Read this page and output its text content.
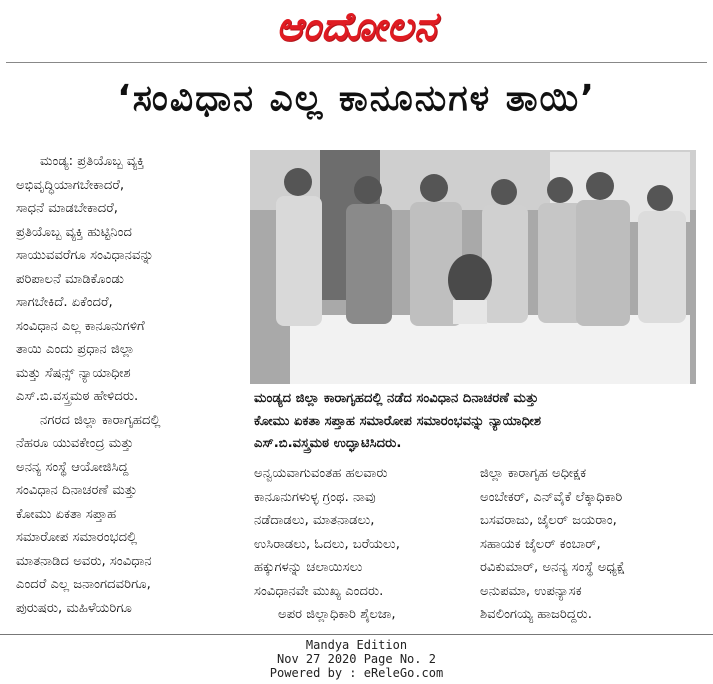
ಆಂದೋಲನ
‘ಸಂವಿಧಾನ ಎಲ್ಲ ಕಾನೂನುಗಳ ತಾಯಿ’

ಮಂಡ್ಯ: ಪ್ರತಿಯೊಬ್ಬ ವ್ಯಕ್ತಿ

ಅಭಿವೃದ್ಧಿಯಾಗಬೇಕಾದರೆ,

ಸಾಧನೆ ಮಾಡಬೇಕಾದರೆ,

ಪ್ರತಿಯೊಬ್ಬ ವ್ಯಕ್ತಿ ಹುಟ್ಟಿನಿಂದ

ಸಾಯುವವರೆಗೂ ಸಂವಿಧಾನವನ್ನು

ಪರಿಪಾಲನೆ ಮಾಡಿಕೊಂಡು

ಸಾಗಬೇಕಿದೆ. ಏಕೆಂದರೆ,

ಸಂವಿಧಾನ ಎಲ್ಲ ಕಾನೂನುಗಳಿಗೆ

ತಾಯಿ ಎಂದು ಪ್ರಧಾನ ಜಿಲ್ಲಾ

ಮತ್ತು ಸೆಷನ್ಸ್ ನ್ಯಾಯಾಧೀಶ

ಎಸ್.ಬಿ.ವಸ್ತ್ರಮಠ ಹೇಳಿದರು.

ನಗರದ ಜಿಲ್ಲಾ ಕಾರಾಗೃಹದಲ್ಲಿ

ನೆಹರೂ ಯುವಕೇಂದ್ರ ಮತ್ತು

ಅನನ್ಯ ಸಂಸ್ಥೆ ಆಯೋಜಿಸಿದ್ದ

ಸಂವಿಧಾನ ದಿನಾಚರಣೆ ಮತ್ತು

ಕೋಮು ಏಕತಾ ಸಪ್ತಾಹ

ಸಮಾರೋಪ ಸಮಾರಂಭದಲ್ಲಿ

ಮಾತನಾಡಿದ ಅವರು, ಸಂವಿಧಾನ

ಎಂದರೆ ಎಲ್ಲ ಜನಾಂಗದವರಿಗೂ,

ಪುರುಷರು, ಮಹಿಳೆಯರಿಗೂ

ಮಂಡ್ಯದ ಜಿಲ್ಲಾ ಕಾರಾಗೃಹದಲ್ಲಿ ನಡೆದ ಸಂವಿಧಾನ ದಿನಾಚರಣೆ ಮತ್ತು
ಕೋಮು ಏಕತಾ ಸಪ್ತಾಹ ಸಮಾರೋಪ ಸಮಾರಂಭವನ್ನು ನ್ಯಾಯಾಧೀಶ
ಎಸ್.ಬಿ.ವಸ್ತ್ರಮಠ ಉದ್ಘಾಟಿಸಿದರು.

ಅನ್ವಯವಾಗುವಂತಹ ಹಲವಾರು

ಕಾನೂನುಗಳುಳ್ಳ ಗ್ರಂಥ. ನಾವು

ನಡೆದಾಡಲು, ಮಾತನಾಡಲು,

ಉಸಿರಾಡಲು, ಓದಲು, ಬರೆಯಲು,

ಹಕ್ಕುಗಳನ್ನು ಚಲಾಯಿಸಲು

ಸಂವಿಧಾನವೇ ಮುಖ್ಯ ಎಂದರು.

ಅಪರ ಜಿಲ್ಲಾಧಿಕಾರಿ ಶೈಲಜಾ,

ಜಿಲ್ಲಾ ಕಾರಾಗೃಹ ಅಧೀಕ್ಷಕ

ಅಂಬೇಕರ್, ಎನ್‌ವೈಕೆ ಲೆಕ್ಕಾಧಿಕಾರಿ

ಬಸವರಾಜು, ಜೈಲರ್ ಜಯರಾಂ,

ಸಹಾಯಕ ಜೈಲರ್ ಕಂಬಾರ್,

ರವಿಕುಮಾರ್, ಅನನ್ಯ ಸಂಸ್ಥೆ ಅಧ್ಯಕ್ಷೆ

ಅನುಪಮಾ, ಉಪನ್ಯಾಸಕ

ಶಿವಲಿಂಗಯ್ಯ ಹಾಜರಿದ್ದರು.

Mandya Edition
Nov 27 2020 Page No. 2
Powered by : eReleGo.com
